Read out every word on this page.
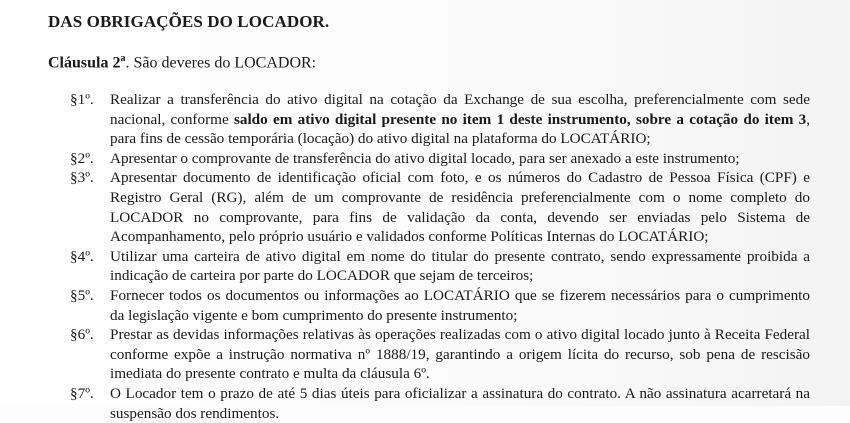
DAS OBRIGAÇÕES DO LOCADOR.
Cláusula 2$^a$. São deveres do LOCADOR:
§1º.	Realizar a transferência do ativo digital na cotação da Exchange de sua escolha, preferencialmente com sede nacional, conforme saldo em ativo digital presente no item 1 deste instrumento, sobre a cotação do item 3, para fins de cessão temporária (locação) do ativo digital na plataforma do LOCATÁRIO;
§2º.	Apresentar o comprovante de transferência do ativo digital locado, para ser anexado a este instrumento;
§3º.	Apresentar documento de identificação oficial com foto, e os números do Cadastro de Pessoa Física (CPF) e Registro Geral (RG), além de um comprovante de residência preferencialmente com o nome completo do LOCADOR no comprovante, para fins de validação da conta, devendo ser enviadas pelo Sistema de Acompanhamento, pelo próprio usuário e validados conforme Políticas Internas do LOCATÁRIO;
§4º.	Utilizar uma carteira de ativo digital em nome do titular do presente contrato, sendo expressamente proibida a indicação de carteira por parte do LOCADOR que sejam de terceiros;
§5º.	Fornecer todos os documentos ou informações ao LOCATÁRIO que se fizerem necessários para o cumprimento da legislação vigente e bom cumprimento do presente instrumento;
§6º.	Prestar as devidas informações relativas às operações realizadas com o ativo digital locado junto à Receita Federal conforme expõe a instrução normativa nº 1888/19, garantindo a origem lícita do recurso, sob pena de rescisão imediata do presente contrato e multa da cláusula 6º.
§7º.	O Locador tem o prazo de até 5 dias úteis para oficializar a assinatura do contrato. A não assinatura acarretará na suspensão dos rendimentos.
